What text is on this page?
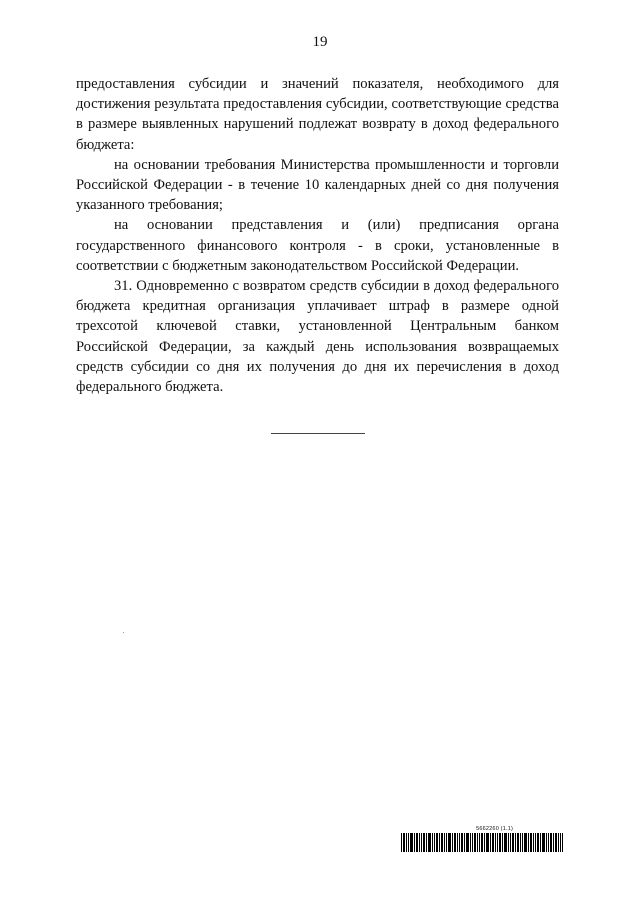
19

предоставления субсидии и значений показателя, необходимого для достижения результата предоставления субсидии, соответствующие средства в размере выявленных нарушений подлежат возврату в доход федерального бюджета:

на основании требования Министерства промышленности и торговли Российской Федерации - в течение 10 календарных дней со дня получения указанного требования;

на основании представления и (или) предписания органа государственного финансового контроля - в сроки, установленные в соответствии с бюджетным законодательством Российской Федерации.

31. Одновременно с возвратом средств субсидии в доход федерального бюджета кредитная организация уплачивает штраф в размере одной трехсотой ключевой ставки, установленной Центральным банком Российской Федерации, за каждый день использования возвращаемых средств субсидии со дня их получения до дня их перечисления в доход федерального бюджета.

5662260 (1.1)
